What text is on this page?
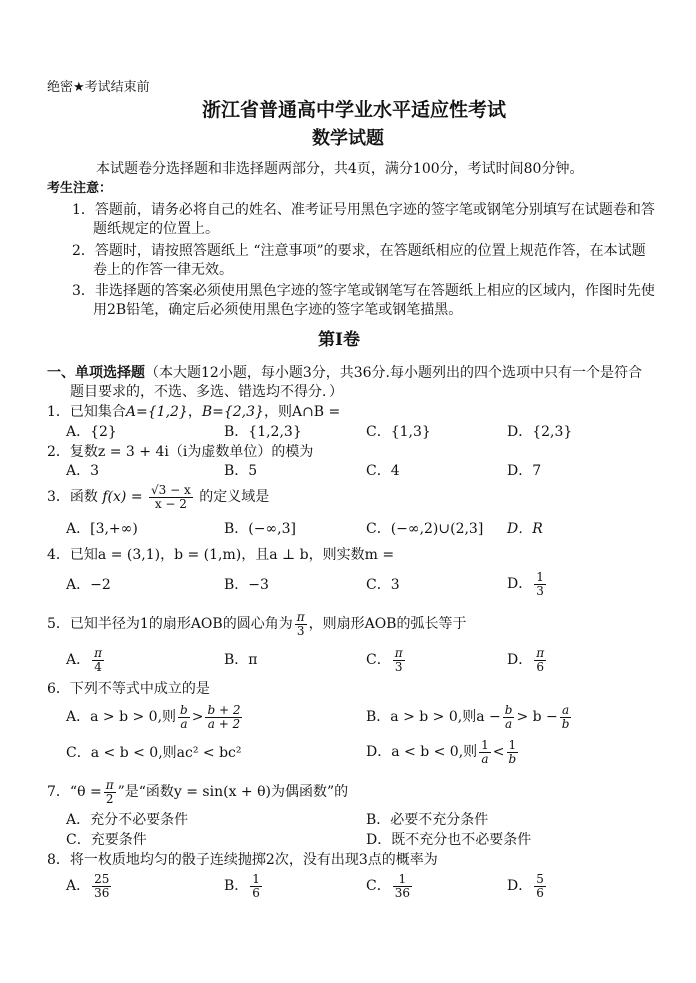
绝密★考试结束前
浙江省普通高中学业水平适应性考试
数学试题
本试题卷分选择题和非选择题两部分，共4页，满分100分，考试时间80分钟。
考生注意：
1．答题前，请务必将自己的姓名、准考证号用黑色字迹的签字笔或钢笔分别填写在试题卷和答
题纸规定的位置上。
2．答题时，请按照答题纸上 “注意事项”的要求，在答题纸相应的位置上规范作答，在本试题
卷上的作答一律无效。
3．非选择题的答案必须使用黑色字迹的签字笔或钢笔写在答题纸上相应的区域内，作图时先使
用2B铅笔，确定后必须使用黑色字迹的签字笔或钢笔描黑。
第Ⅰ卷
一、单项选择题（本大题12小题，每小题3分，共36分.每小题列出的四个选项中只有一个是符合
题目要求的，不选、多选、错选均不得分．）
1．已知集合A={1,2}，B={2,3}，则A∩B =
A．{2}	B．{1,2,3}	C．{1,3}	D．{2,3}
2．复数z = 3 + 4i（i为虚数单位）的模为
A．3	B．5	C．4	D．7
3．函数 $f(x) = \frac{√3 - x}{x - 2}$ 的定义域是
A．[3,+∞)	B．(−∞,3]	C．(−∞,2)∪(2,3] D．R
4．已知a = (3,1)，b = (1,m)，且a ⊥ b，则实数m =
A．−2	B．−3	C．3	D． $\frac{1}{3}$
5．已知半径为1的扇形AOB的圆心角为 $\frac{\pi}{3}$ ，则扇形AOB的弧长等于
A． $\frac{\pi}{4}$	B．π	C． $\frac{\pi}{3}$	D． $\frac{\pi}{6}$
6．下列不等式中成立的是
A．a > b > 0,则 $\frac{b}{a} > \frac{b + 2}{a + 2}$	B．a > b > 0,则$a - \frac{b}{a} > b - \frac{a}{b}$
C．a < b < 0,则ac² < bc²	D．a < b < 0,则 $\frac{1}{a} < \frac{1}{b}$
7．“$\theta = \frac{\pi}{2}$ ”是“函数y = sin(x + θ)为偶函数”的
A．充分不必要条件	B．必要不充分条件
C．充要条件	D．既不充分也不必要条件
8．将一枚质地均匀的骰子连续抛掷2次，没有出现3点的概率为
A． $\frac{25}{36}$	B． $\frac{1}{6}$	C． $\frac{1}{36}$	D． $\frac{5}{6}$
